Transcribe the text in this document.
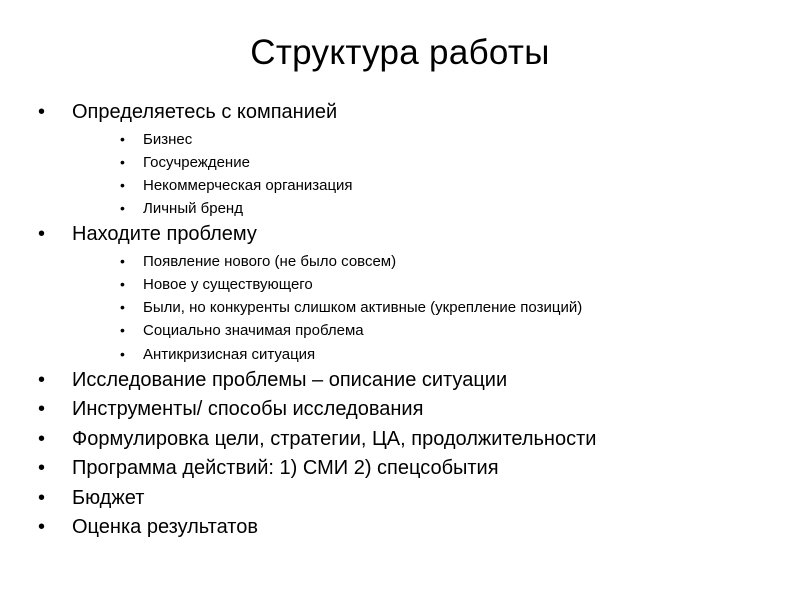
Структура работы
• Определяетесь с компанией
• Бизнес
• Госучреждение
• Некоммерческая организация
• Личный бренд
• Находите проблему
• Появление нового (не было совсем)
• Новое у существующего
• Были, но конкуренты слишком активные (укрепление позиций)
• Социально значимая проблема
• Антикризисная ситуация
• Исследование проблемы – описание ситуации
• Инструменты/ способы исследования
• Формулировка цели, стратегии, ЦА, продолжительности
• Программа действий: 1) СМИ 2) спецсобытия
• Бюджет
• Оценка результатов
